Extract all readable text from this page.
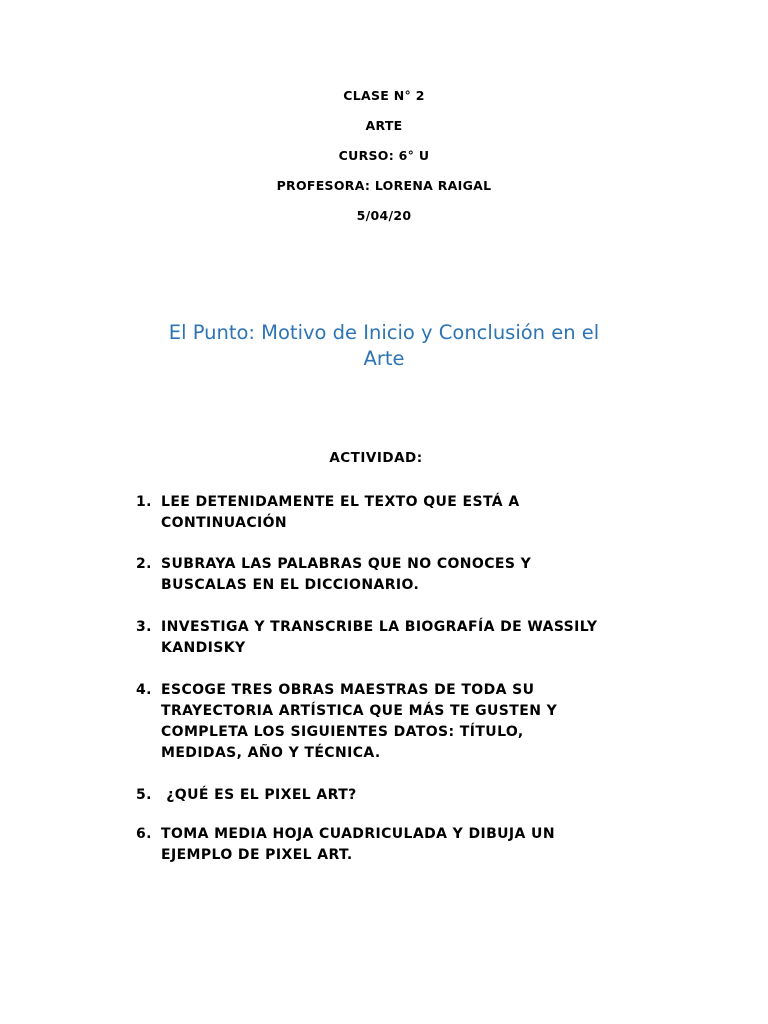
CLASE N° 2
ARTE
CURSO: 6° U
PROFESORA: LORENA RAIGAL
5/04/20
El Punto: Motivo de Inicio y Conclusión en el
Arte
ACTIVIDAD:
1. LEE DETENIDAMENTE EL TEXTO QUE ESTÁ A
CONTINUACIÓN
2. SUBRAYA LAS PALABRAS QUE NO CONOCES Y
BUSCALAS EN EL DICCIONARIO.
3. INVESTIGA Y TRANSCRIBE LA BIOGRAFÍA DE WASSILY
KANDISKY
4. ESCOGE TRES OBRAS MAESTRAS DE TODA SU
TRAYECTORIA ARTÍSTICA QUE MÁS TE GUSTEN Y
COMPLETA LOS SIGUIENTES DATOS: TÍTULO,
MEDIDAS, AÑO Y TÉCNICA.
5. ¿QUÉ ES EL PIXEL ART?
6. TOMA MEDIA HOJA CUADRICULADA Y DIBUJA UN
EJEMPLO DE PIXEL ART.
